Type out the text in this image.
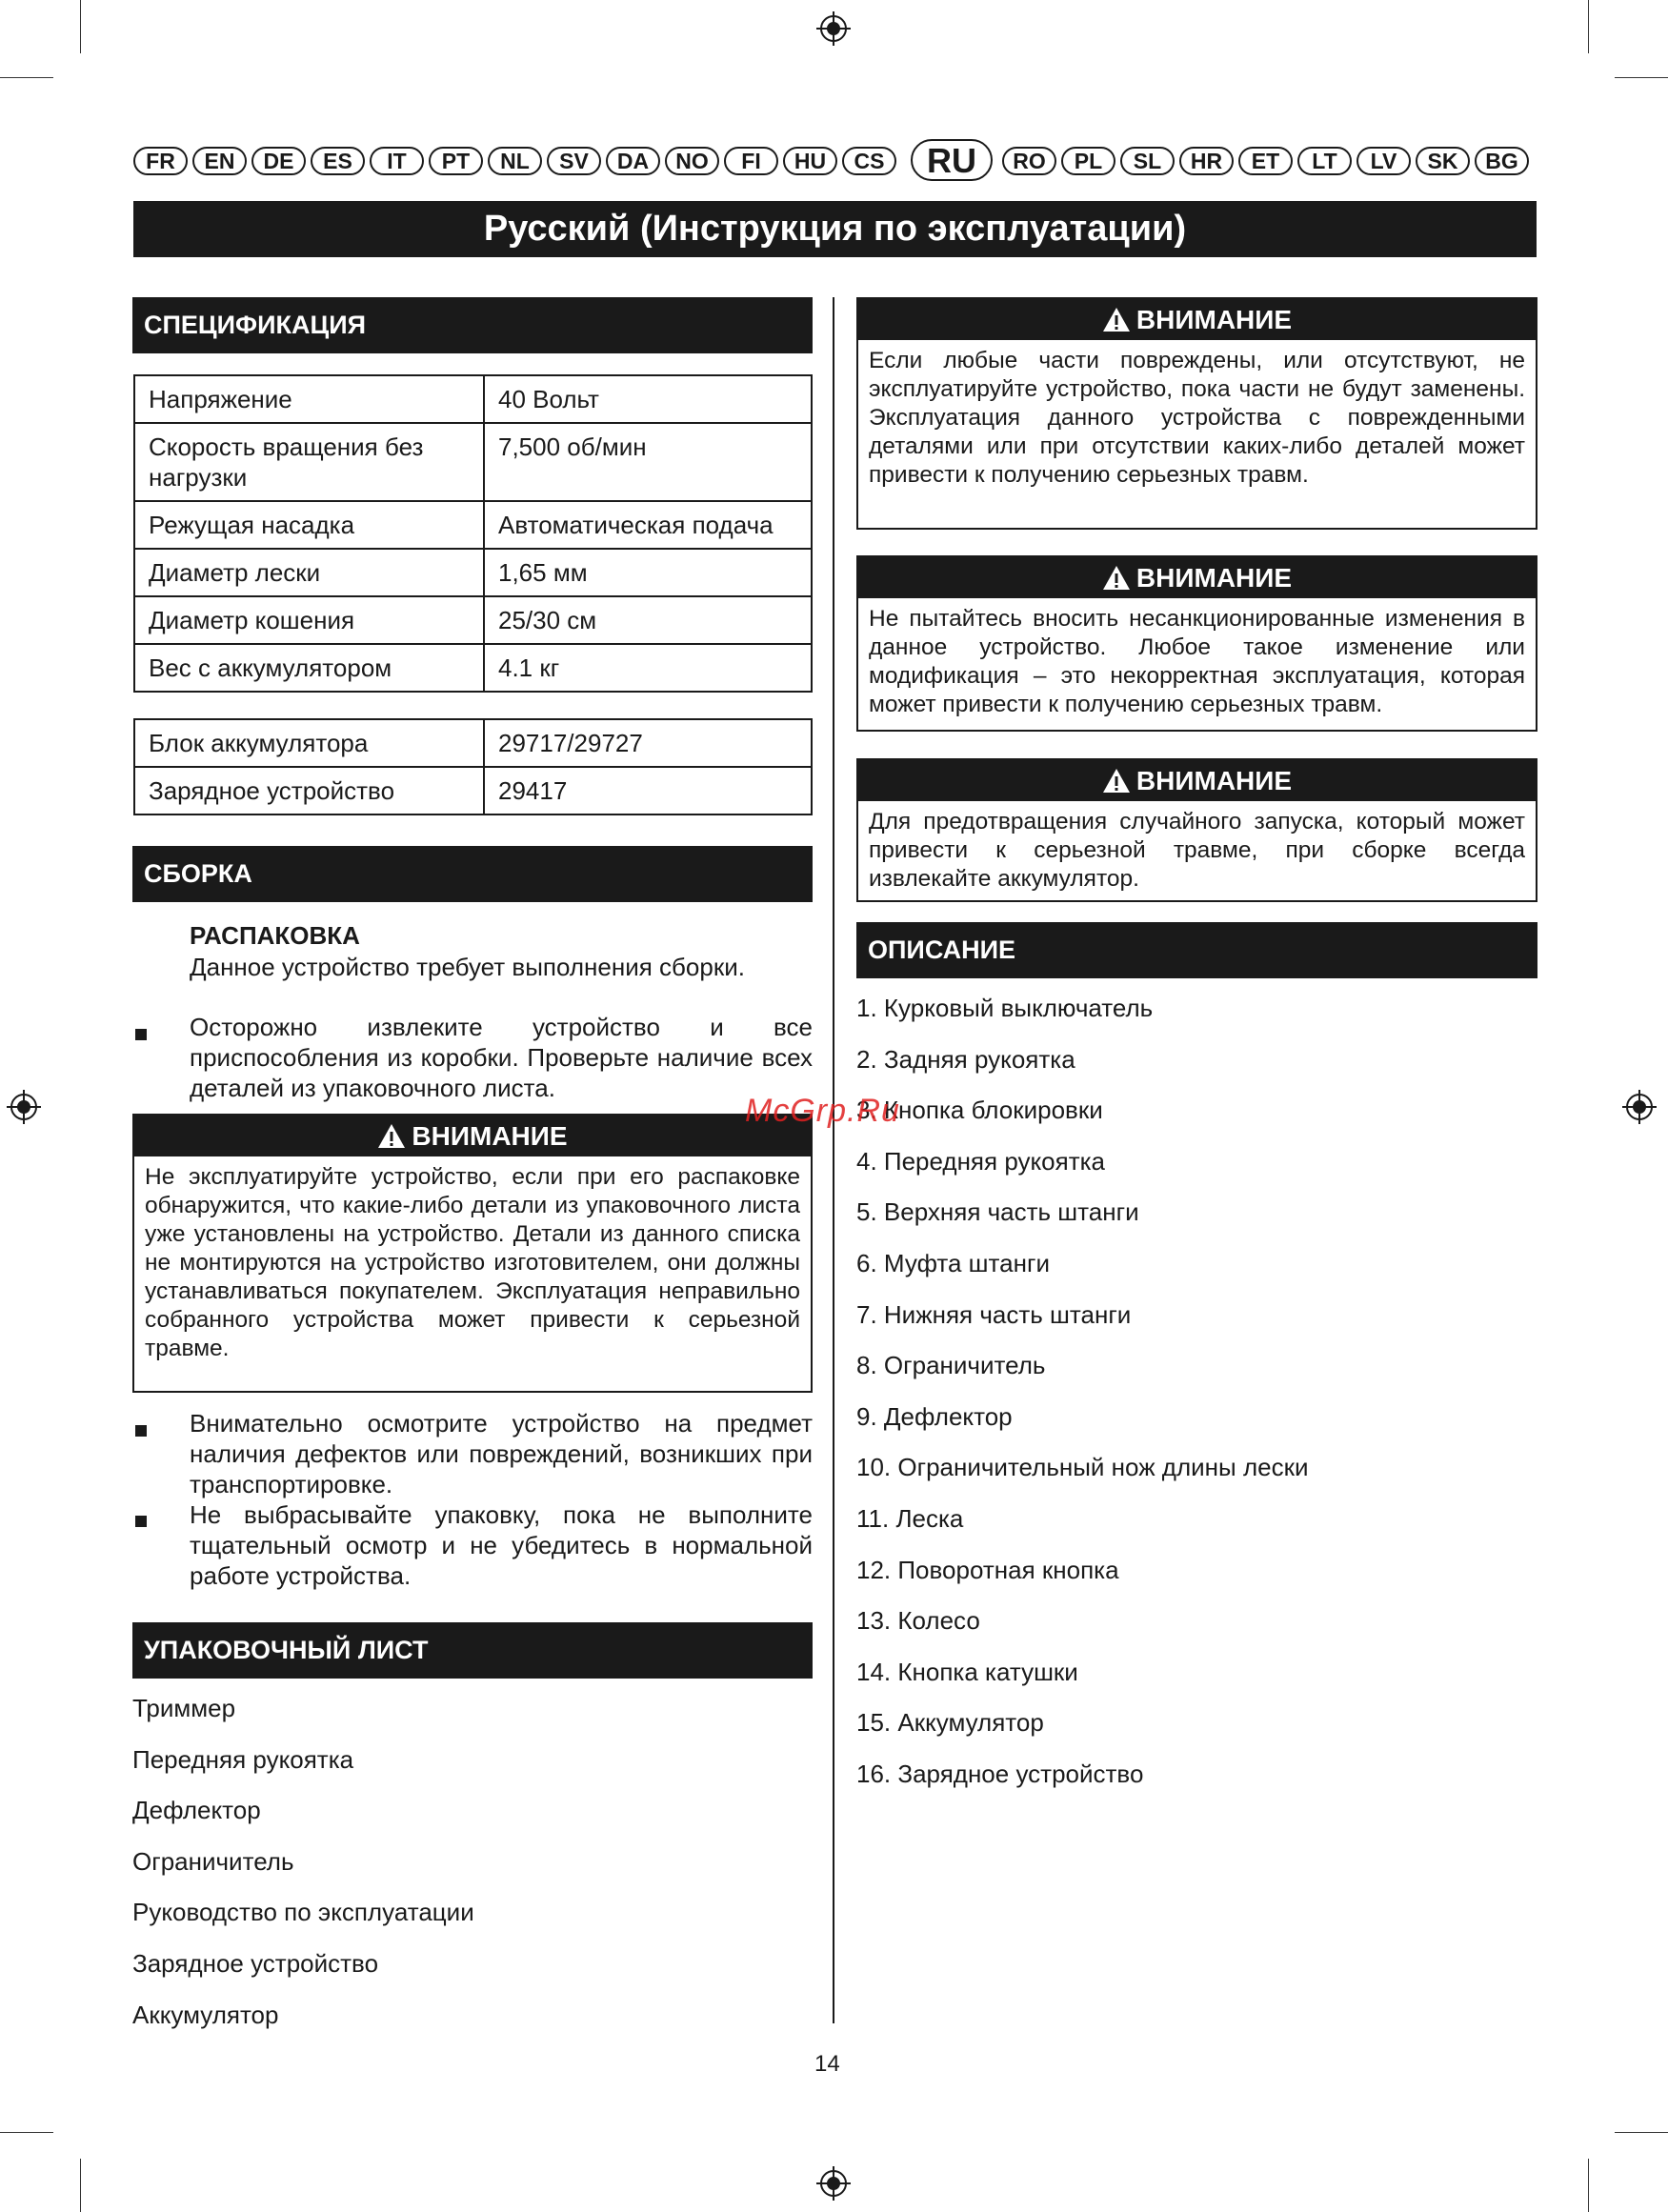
FR	EN	DE	ES	IT	PT	NL	SV	DA	NO	FI	HU	CS	RU	RO	PL	SL	HR	ET	LT	LV	SK	BG
Русский (Инструкция по эксплуатации)
СПЕЦИФИКАЦИЯ
Напряжение	40 Вольт
Скорость вращения без нагрузки	7,500 об/мин
Режущая насадка	Автоматическая подача
Диаметр лески	1,65 мм
Диаметр кошения	25/30 см
Вес с аккумулятором	4.1 кг
Блок аккумулятора	29717/29727
Зарядное устройство	29417
СБОРКА
РАСПАКОВКА
Данное устройство требует выполнения сборки.
Осторожно извлеките устройство и все приспособления из коробки. Проверьте наличие всех деталей из упаковочного листа.
ВНИМАНИЕ
Не эксплуатируйте устройство, если при его распаковке обнаружится, что какие-либо детали из упаковочного листа уже установлены на устройство. Детали из данного списка не монтируются на устройство изготовителем, они должны устанавливаться покупателем. Эксплуатация неправильно собранного устройства может привести к серьезной травме.
Внимательно осмотрите устройство на предмет наличия дефектов или повреждений, возникших при транспортировке.
Не выбрасывайте упаковку, пока не выполните тщательный осмотр и не убедитесь в нормальной работе устройства.
УПАКОВОЧНЫЙ ЛИСТ
Триммер
Передняя рукоятка
Дефлектор
Ограничитель
Руководство по эксплуатации
Зарядное устройство
Аккумулятор
ВНИМАНИЕ
Если любые части повреждены, или отсутствуют, не эксплуатируйте устройство, пока части не будут заменены. Эксплуатация данного устройства с поврежденными деталями или при отсутствии каких-либо деталей может привести к получению серьезных травм.
ВНИМАНИЕ
Не пытайтесь вносить несанкционированные изменения в данное устройство. Любое такое изменение или модификация – это некорректная эксплуатация, которая может привести к получению серьезных травм.
ВНИМАНИЕ
Для предотвращения случайного запуска, который может привести к серьезной травме, при сборке всегда извлекайте аккумулятор.
ОПИСАНИЕ
1. Курковый выключатель
2. Задняя рукоятка
3. Кнопка блокировки
4. Передняя рукоятка
5. Верхняя часть штанги
6. Муфта штанги
7. Нижняя часть штанги
8. Ограничитель
9. Дефлектор
10. Ограничительный нож длины лески
11. Леска
12. Поворотная кнопка
13. Колесо
14. Кнопка катушки
15. Аккумулятор
16. Зарядное устройство
McGrp.Ru
14
